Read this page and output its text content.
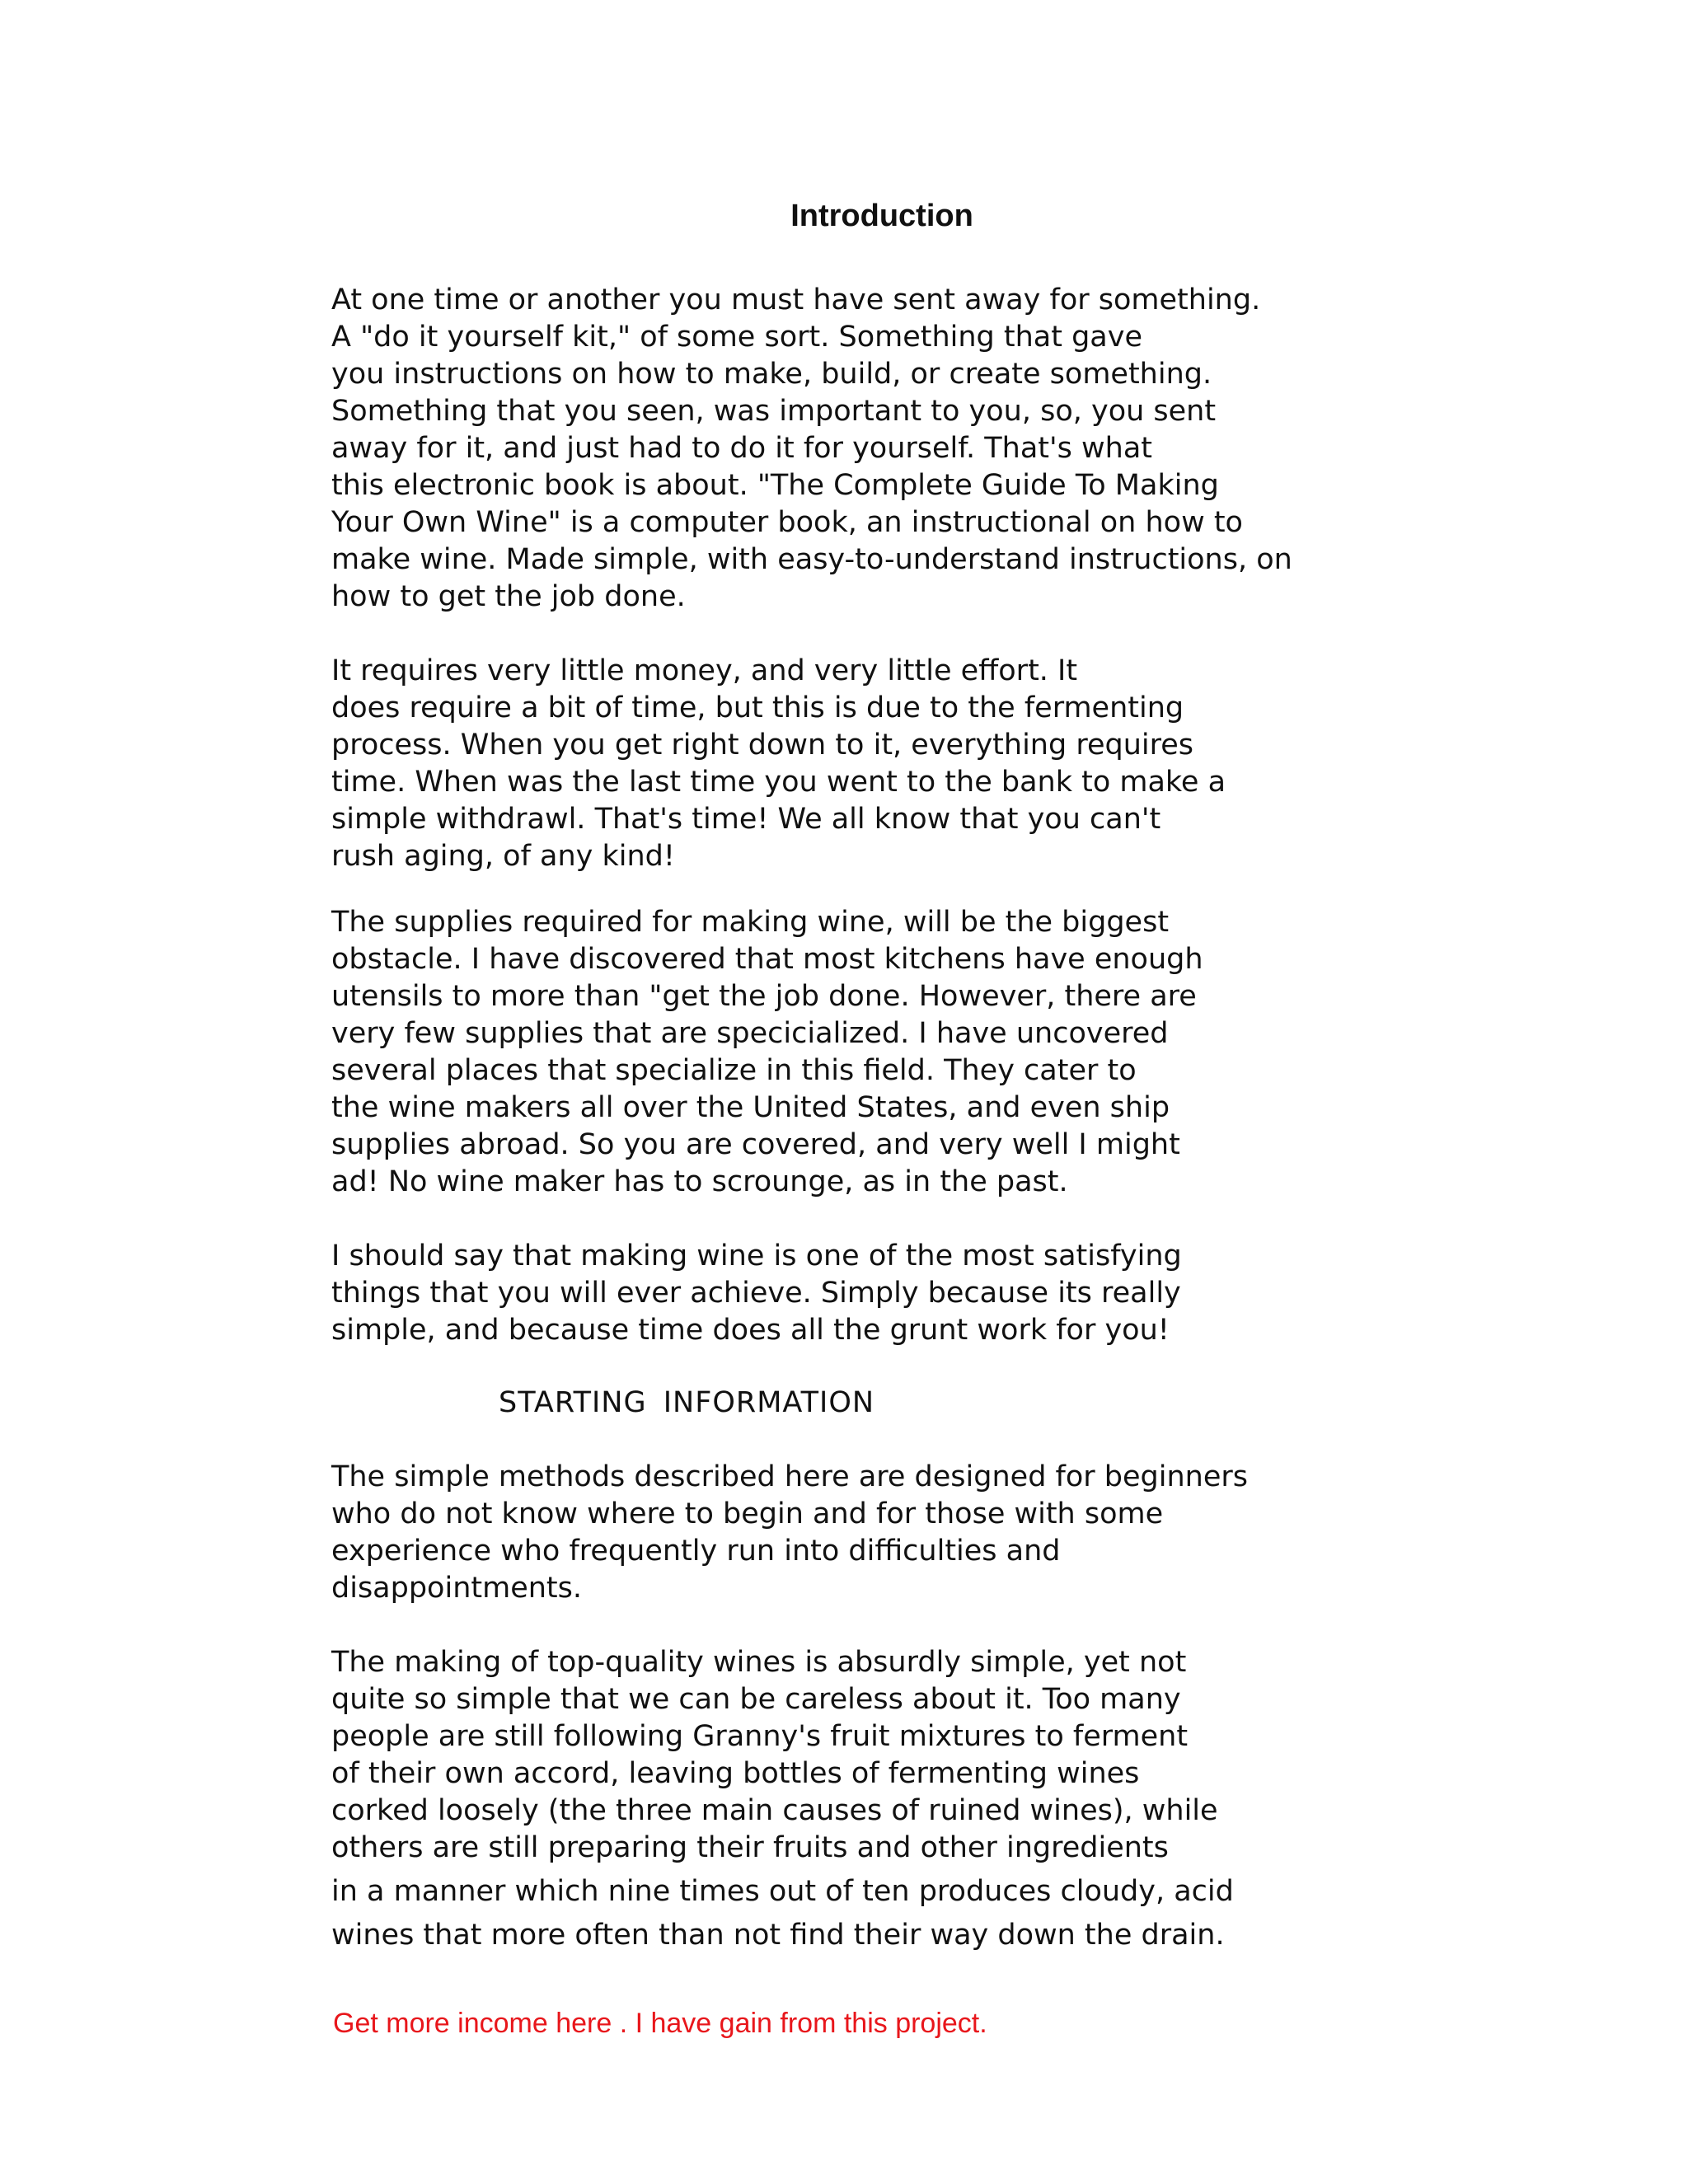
Introduction

At one time or another you must have sent away for something.
A "do it yourself kit," of some sort. Something that gave
you instructions on how to make, build, or create something.
Something that you seen, was important to you, so, you sent
away for it, and just had to do it for yourself. That's what
this electronic book is about. "The Complete Guide To Making
Your Own Wine" is a computer book, an instructional on how to
make wine. Made simple, with easy-to-understand instructions, on
how to get the job done.

It requires very little money, and very little effort. It
does require a bit of time, but this is due to the fermenting
process. When you get right down to it, everything requires
time. When was the last time you went to the bank to make a
simple withdrawl. That's time! We all know that you can't
rush aging, of any kind!

The supplies required for making wine, will be the biggest
obstacle. I have discovered that most kitchens have enough
utensils to more than "get the job done. However, there are
very few supplies that are specicialized. I have uncovered
several places that specialize in this field. They cater to
the wine makers all over the United States, and even ship
supplies abroad. So you are covered, and very well I might
ad! No wine maker has to scrounge, as in the past.

I should say that making wine is one of the most satisfying
things that you will ever achieve. Simply because its really
simple, and because time does all the grunt work for you!

STARTING INFORMATION

The simple methods described here are designed for beginners
who do not know where to begin and for those with some
experience who frequently run into difficulties and
disappointments.

The making of top-quality wines is absurdly simple, yet not
quite so simple that we can be careless about it. Too many
people are still following Granny's fruit mixtures to ferment
of their own accord, leaving bottles of fermenting wines
corked loosely (the three main causes of ruined wines), while
others are still preparing their fruits and other ingredients
in a manner which nine times out of ten produces cloudy, acid
wines that more often than not find their way down the drain.

Get more income here . I have gain from this project.
